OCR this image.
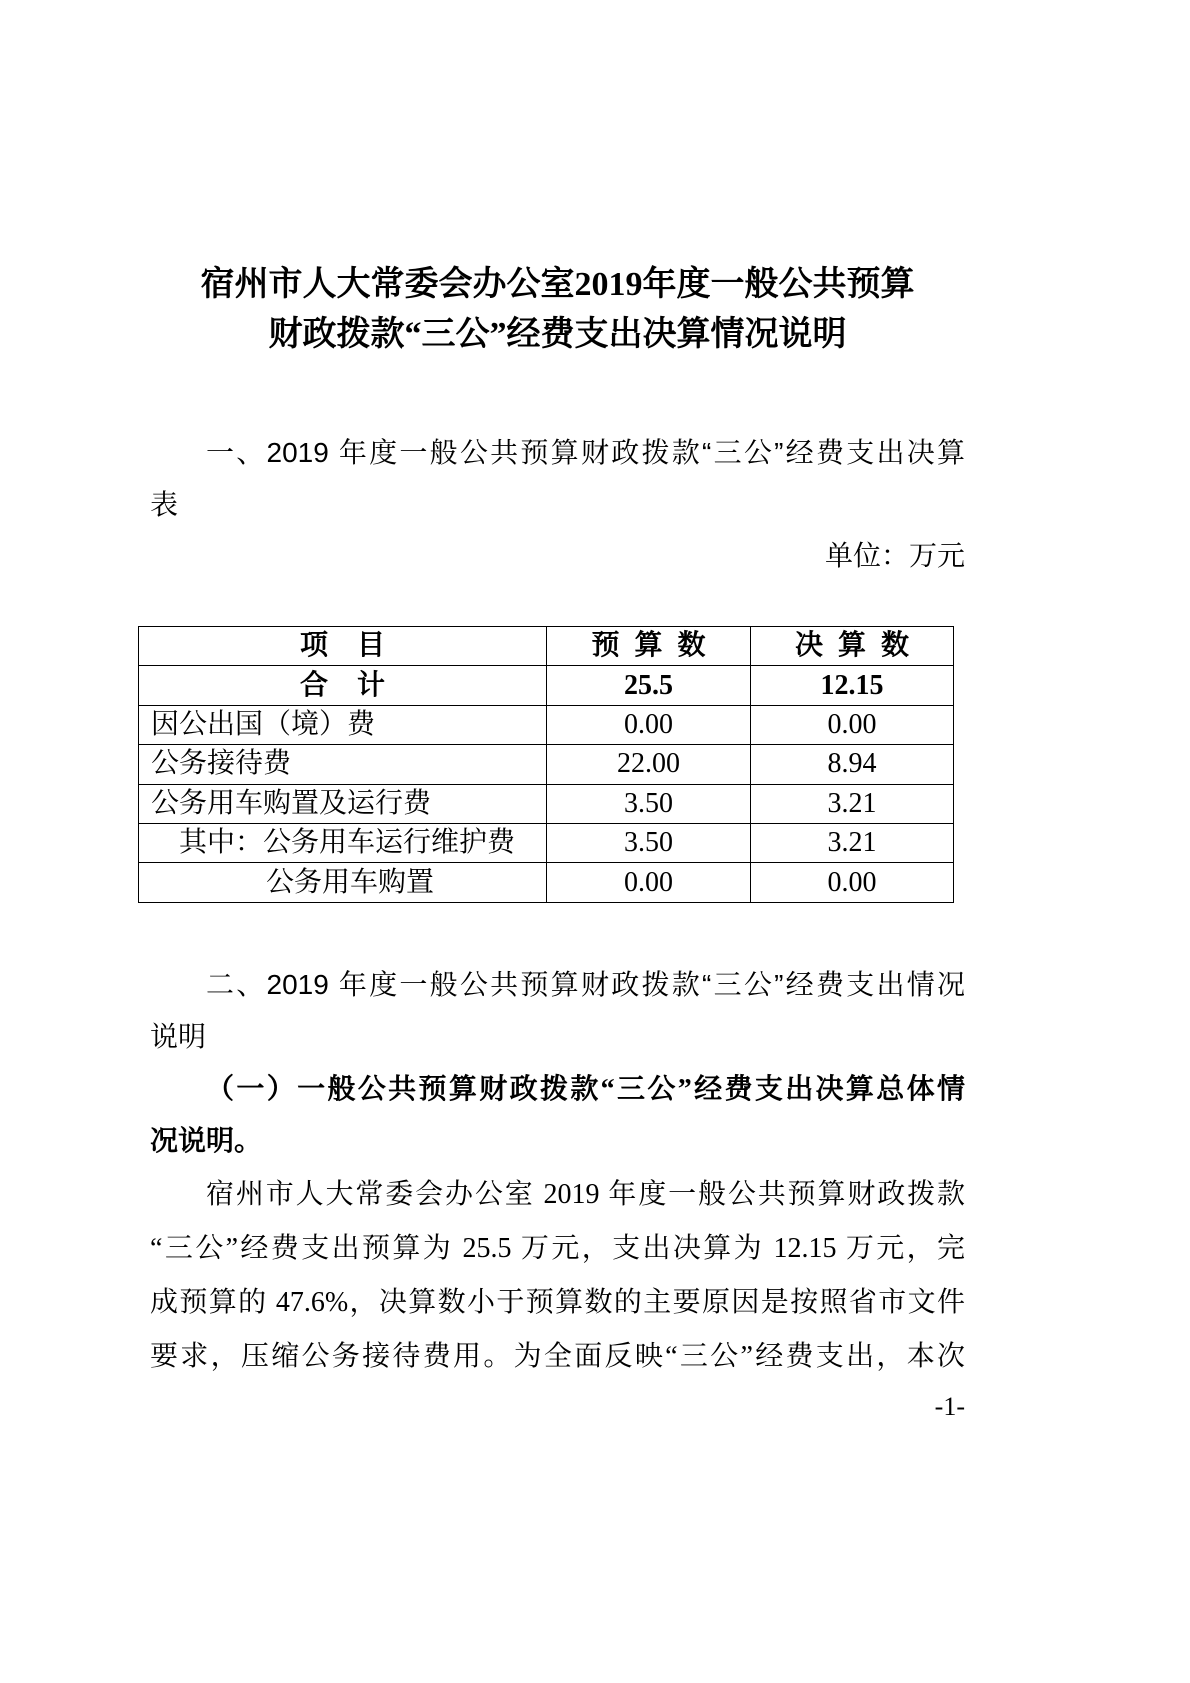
宿州市人大常委会办公室2019年度一般公共预算
财政拨款“三公”经费支出决算情况说明
一、2019 年度一般公共预算财政拨款“三公”经费支出决算
表
单位：万元
项 目	预 算 数	决 算 数
合 计	25.5	12.15
因公出国（境）费	0.00	0.00
公务接待费	22.00	8.94
公务用车购置及运行费	3.50	3.21
其中：公务用车运行维护费	3.50	3.21
公务用车购置	0.00	0.00
二、2019 年度一般公共预算财政拨款“三公”经费支出情况
说明
（一）一般公共预算财政拨款“三公”经费支出决算总体情
况说明。
宿州市人大常委会办公室 2019 年度一般公共预算财政拨款
“三公”经费支出预算为 25.5 万元，支出决算为 12.15 万元，完
成预算的 47.6%，决算数小于预算数的主要原因是按照省市文件
要求，压缩公务接待费用。为全面反映“三公”经费支出，本次
-1-
